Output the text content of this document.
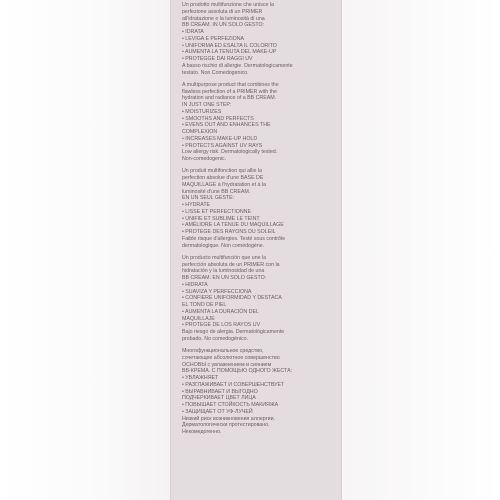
Un prodotto multifunzione che unisce la
perfezione assoluta di un PRIMER
all'idratazione e la luminosità di una
BB CREAM. IN UN SOLO GESTO:
• IDRATA
• LEVIGA E PERFEZIONA
• UNIFORMA ED ESALTA IL COLORITO
• AUMENTA LA TENUTA DEL MAKE-UP
• PROTEGGE DAI RAGGI UV
A basso rischio di allergie. Dermatologicamente
testato. Non Comedogenico.
A multipurpose product that combines the
flawless perfection of a PRIMER with the
hydration and radiance of a BB CREAM.
IN JUST ONE STEP:
• MOISTURIZES
• SMOOTHS AND PERFECTS
• EVENS OUT AND ENHANCES THE
COMPLEXION
• INCREASES MAKE-UP HOLD
• PROTECTS AGAINST UV RAYS
Low allergy risk. Dermatologically tested.
Non-comedogenic.
Un produit multifonction qui allie la
perfection absolue d'une BASE DE
MAQUILLAGE à l'hydratation et à la
luminosité d'une BB CREAM.
EN UN SEUL GESTE:
• HYDRATE
• LISSE ET PERFECTIONNE
• UNIFIE ET SUBLIME LE TEINT
• AMÉLIORE LA TENUE DU MAQUILLAGE
• PROTEGE DES RAYONS DU SOLEIL
Faible risque d'allergies. Testé sous contrôle
dermatologique. Non comédogène.
Un producto multifunción que une la
perfección absoluta de un PRIMER con la
hidratación y la luminosidad de una
BB CREAM. EN UN SOLO GESTO:
• HIDRATA
• SUAVIZA Y PERFECCIONA
• CONFIERE UNIFORMIDAD Y DESTACA
EL TONO DE PIEL
• AUMENTA LA DURACIÓN DEL
MAQUILLAJE
• PROTEGE DE LOS RAYOS UV
Bajo riesgo de alergia. Dermatológicamente
probado. No comedogénico.
Многофункциональное средство,
сочетающее абсолютное совершенство
ОСНОВЫ с увлажнением и сиянием
ВВ-КРЕМА. С ПОМОЩЬЮ ОДНОГО ЖЕСТА:
• УВЛАЖНЯЕТ
• РАЗГЛАЖИВАЕТ И СОВЕРШЕНСТВУЕТ
• ВЫРАВНИВАЕТ И ВЫГОДНО
ПОДЧЕРКИВАЕТ ЦВЕТ ЛИЦА
• ПОВЫШАЕТ СТОЙКОСТЬ МАКИЯЖА
• ЗАЩИЩАЕТ ОТ УФ-ЛУЧЕЙ
Низкий риск возникновения аллергии.
Дерматологически протестировано.
Некомедогенно.
